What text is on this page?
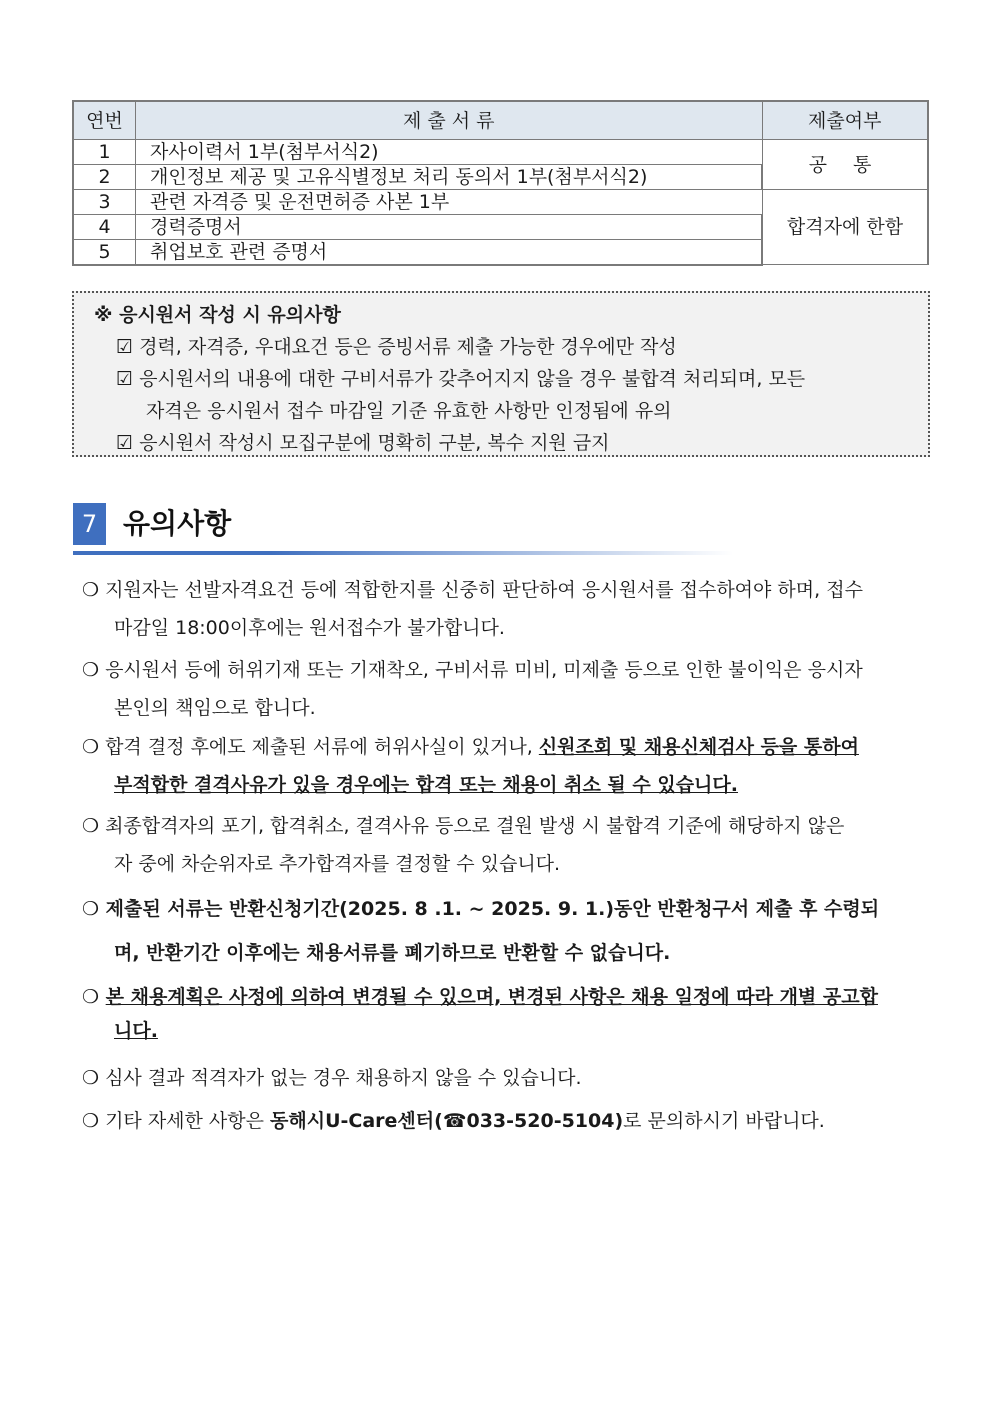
연번	제 출 서 류	제출여부
1	자사이력서 1부(첨부서식2)	공 통
2	개인정보 제공 및 고유식별정보 처리 동의서 1부(첨부서식2)	
3	관련 자격증 및 운전면허증 사본 1부	합격자에 한함
4	경력증명서	
5	취업보호 관련 증명서	
※ 응시원서 작성 시 유의사항
☑ 경력, 자격증, 우대요건 등은 증빙서류 제출 가능한 경우에만 작성
☑ 응시원서의 내용에 대한 구비서류가 갖추어지지 않을 경우 불합격 처리되며, 모든
자격은 응시원서 접수 마감일 기준 유효한 사항만 인정됨에 유의
☑ 응시원서 작성시 모집구분에 명확히 구분, 복수 지원 금지
7 유의사항
❍ 지원자는 선발자격요건 등에 적합한지를 신중히 판단하여 응시원서를 접수하여야 하며, 접수
마감일 18:00이후에는 원서접수가 불가합니다.
❍ 응시원서 등에 허위기재 또는 기재착오, 구비서류 미비, 미제출 등으로 인한 불이익은 응시자
본인의 책임으로 합니다.
❍ 합격 결정 후에도 제출된 서류에 허위사실이 있거나, 신원조회 및 채용신체검사 등을 통하여
부적합한 결격사유가 있을 경우에는 합격 또는 채용이 취소 될 수 있습니다.
❍ 최종합격자의 포기, 합격취소, 결격사유 등으로 결원 발생 시 불합격 기준에 해당하지 않은
자 중에 차순위자로 추가합격자를 결정할 수 있습니다.
❍ 제출된 서류는 반환신청기간(2025. 8 .1. ~ 2025. 9. 1.)동안 반환청구서 제출 후 수령되
며, 반환기간 이후에는 채용서류를 폐기하므로 반환할 수 없습니다.
❍ 본 채용계획은 사정에 의하여 변경될 수 있으며, 변경된 사항은 채용 일정에 따라 개별 공고합
니다.
❍ 심사 결과 적격자가 없는 경우 채용하지 않을 수 있습니다.
❍ 기타 자세한 사항은 동해시U-Care센터(☎033-520-5104)로 문의하시기 바랍니다.
